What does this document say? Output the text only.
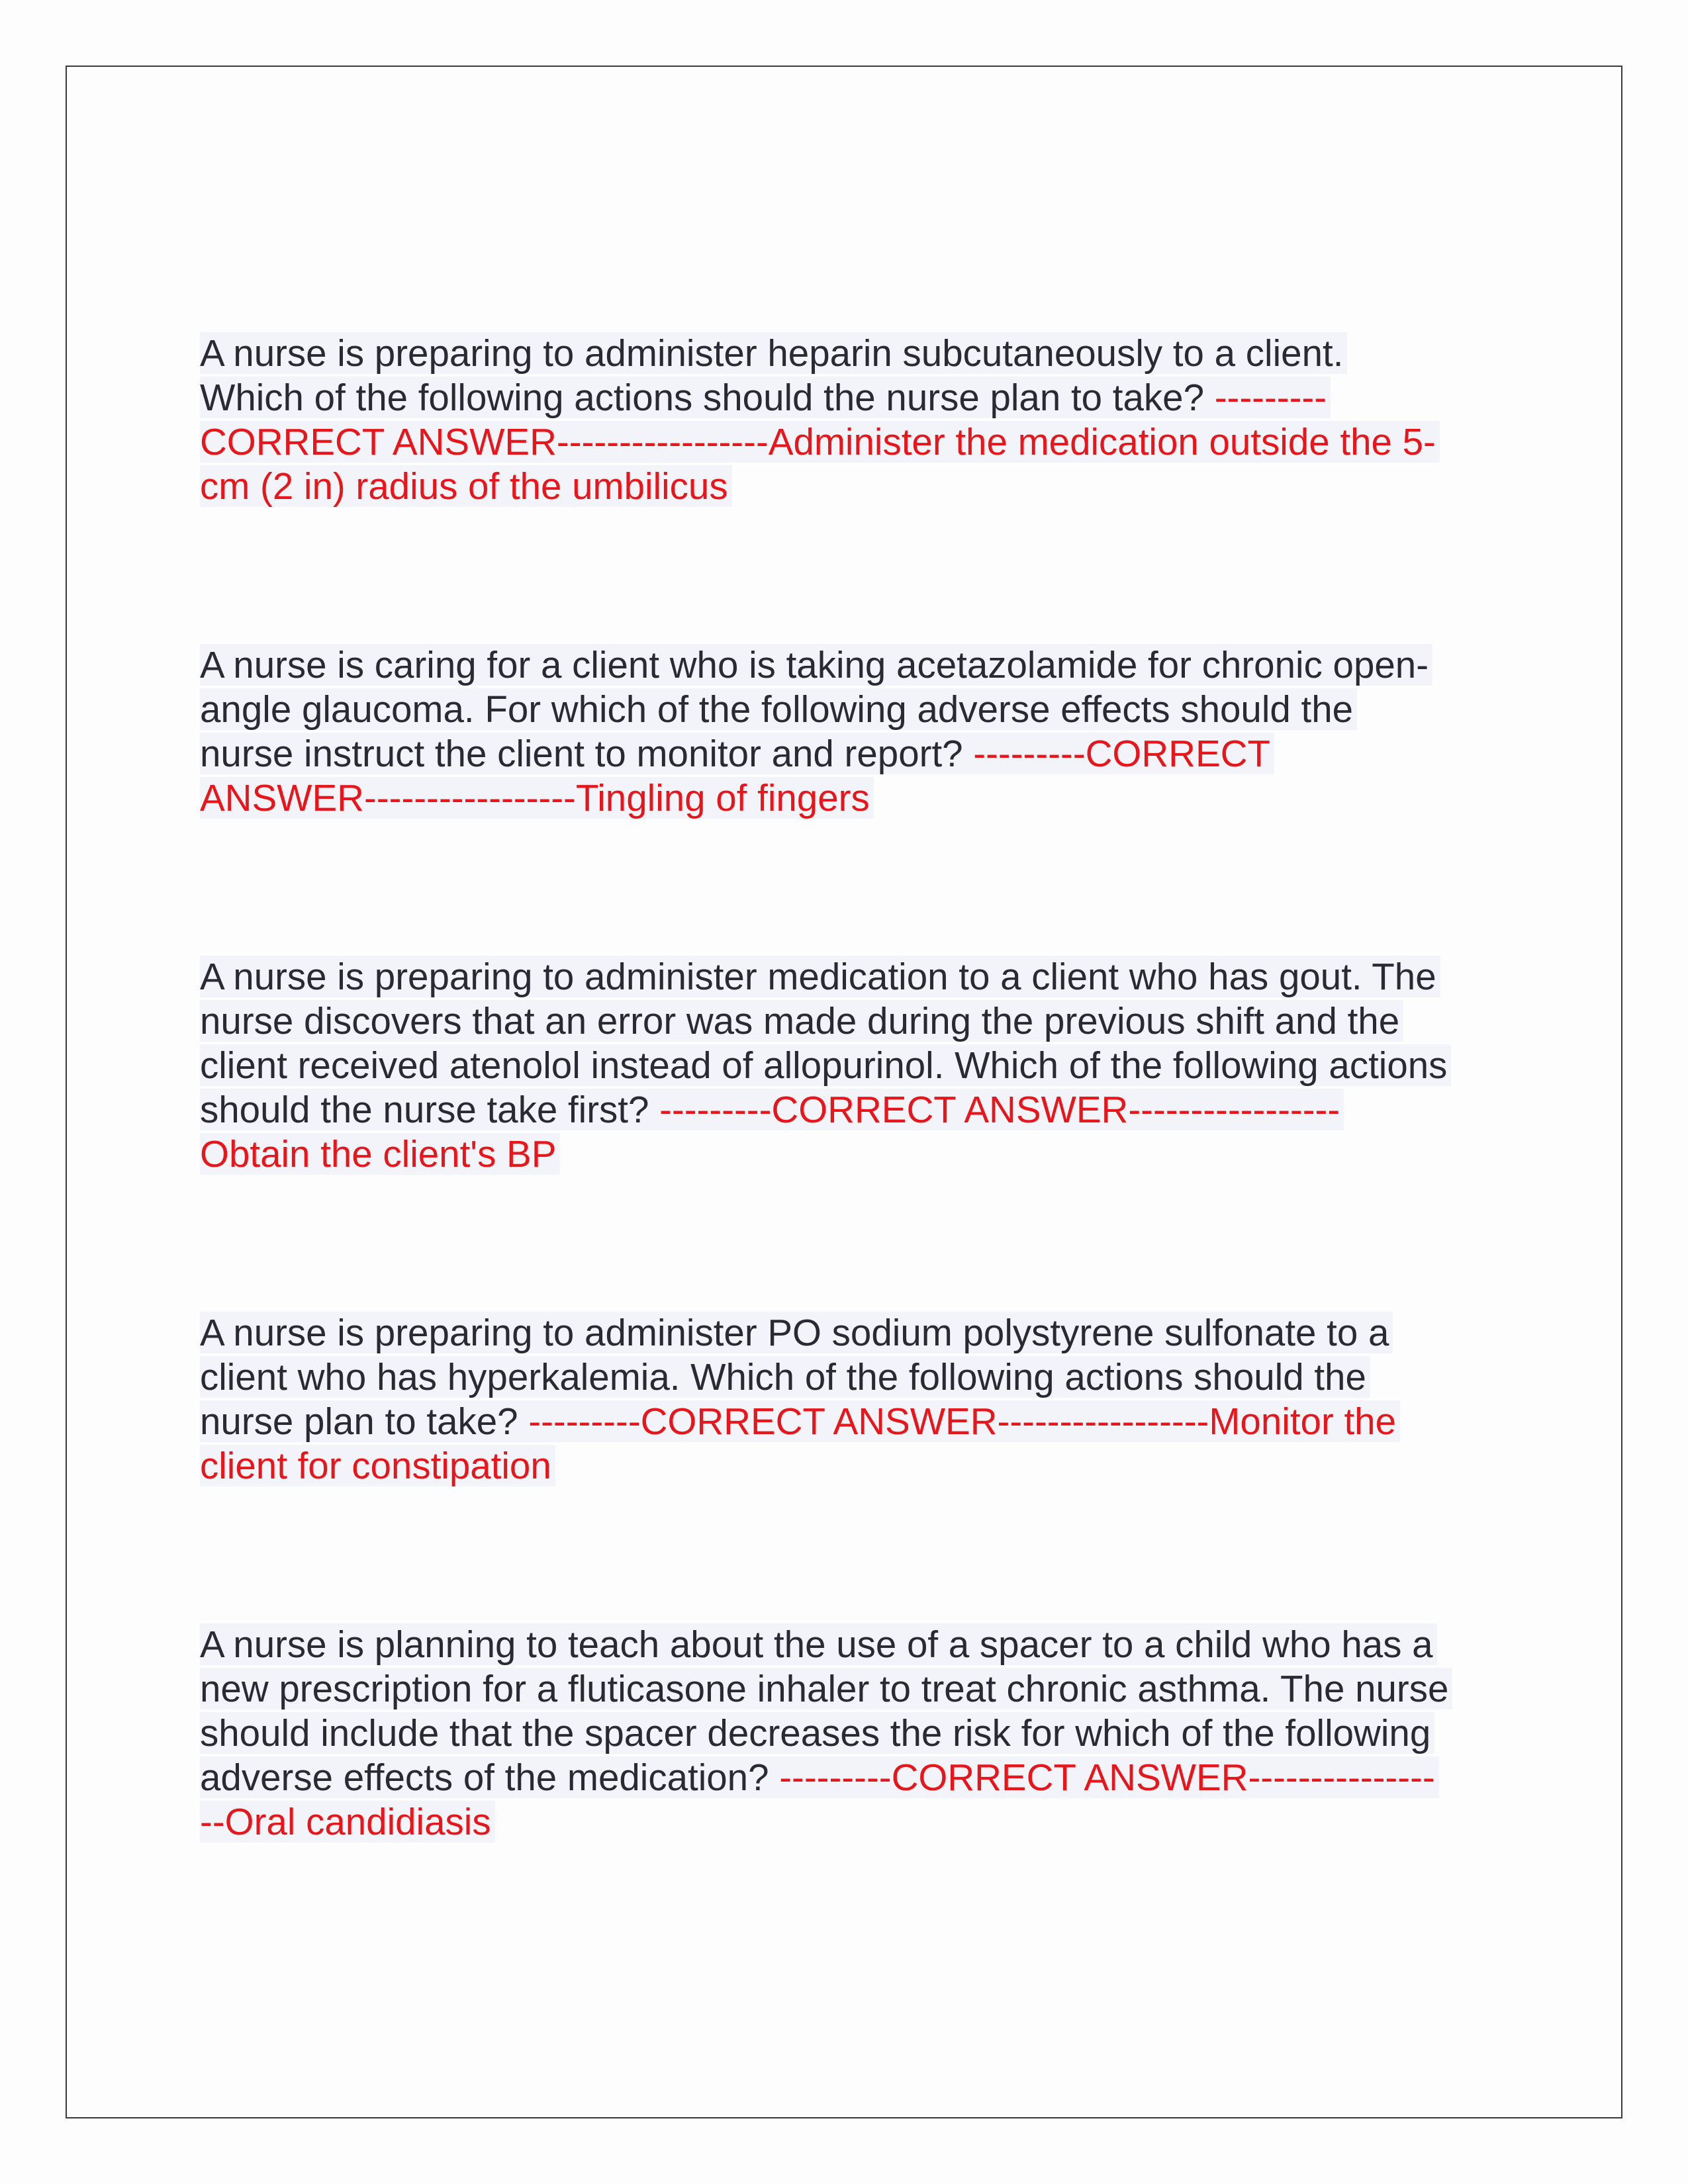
A nurse is preparing to administer heparin subcutaneously to a client.
Which of the following actions should the nurse plan to take? ---------
CORRECT ANSWER-----------------Administer the medication outside the 5-
cm (2 in) radius of the umbilicus
A nurse is caring for a client who is taking acetazolamide for chronic open-
angle glaucoma. For which of the following adverse effects should the
nurse instruct the client to monitor and report? ---------CORRECT
ANSWER-----------------Tingling of fingers
A nurse is preparing to administer medication to a client who has gout. The
nurse discovers that an error was made during the previous shift and the
client received atenolol instead of allopurinol. Which of the following actions
should the nurse take first? ---------CORRECT ANSWER-----------------
Obtain the client's BP
A nurse is preparing to administer PO sodium polystyrene sulfonate to a
client who has hyperkalemia. Which of the following actions should the
nurse plan to take? ---------CORRECT ANSWER-----------------Monitor the
client for constipation
A nurse is planning to teach about the use of a spacer to a child who has a
new prescription for a fluticasone inhaler to treat chronic asthma. The nurse
should include that the spacer decreases the risk for which of the following
adverse effects of the medication? ---------CORRECT ANSWER---------------
--Oral candidiasis
